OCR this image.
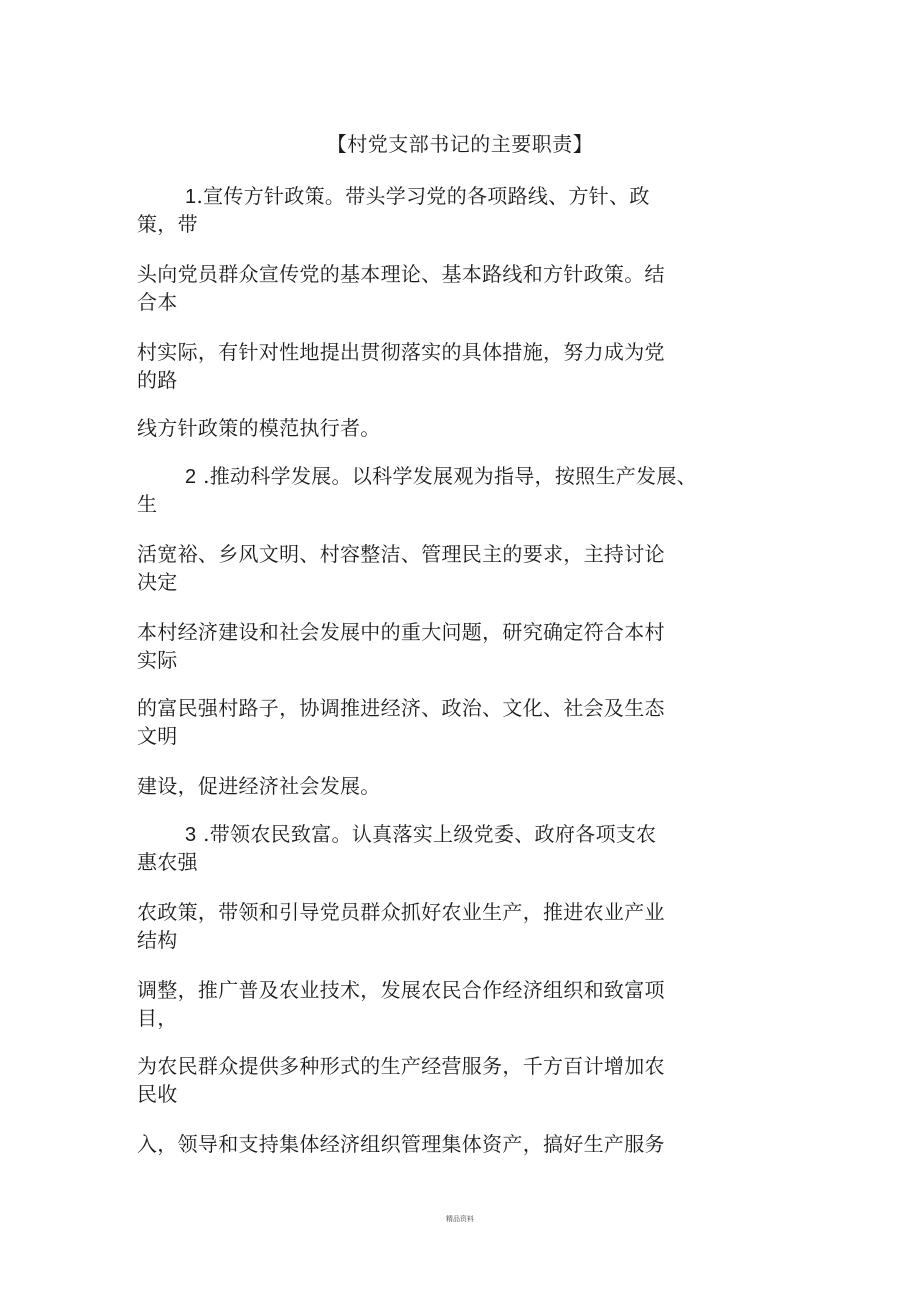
【村党支部书记的主要职责】
1.宣传方针政策。带头学习党的各项路线、方针、政
策，带
头向党员群众宣传党的基本理论、基本路线和方针政策。结
合本
村实际，有针对性地提出贯彻落实的具体措施，努力成为党
的路
线方针政策的模范执行者。
2 .推动科学发展。以科学发展观为指导，按照生产发展、
生
活宽裕、乡风文明、村容整洁、管理民主的要求，主持讨论
决定
本村经济建设和社会发展中的重大问题，研究确定符合本村
实际
的富民强村路子，协调推进经济、政治、文化、社会及生态
文明
建设，促进经济社会发展。
3 .带领农民致富。认真落实上级党委、政府各项支农
惠农强
农政策，带领和引导党员群众抓好农业生产，推进农业产业
结构
调整，推广普及农业技术，发展农民合作经济组织和致富项
目，
为农民群众提供多种形式的生产经营服务，千方百计增加农
民收
入，领导和支持集体经济组织管理集体资产，搞好生产服务
精品资料
